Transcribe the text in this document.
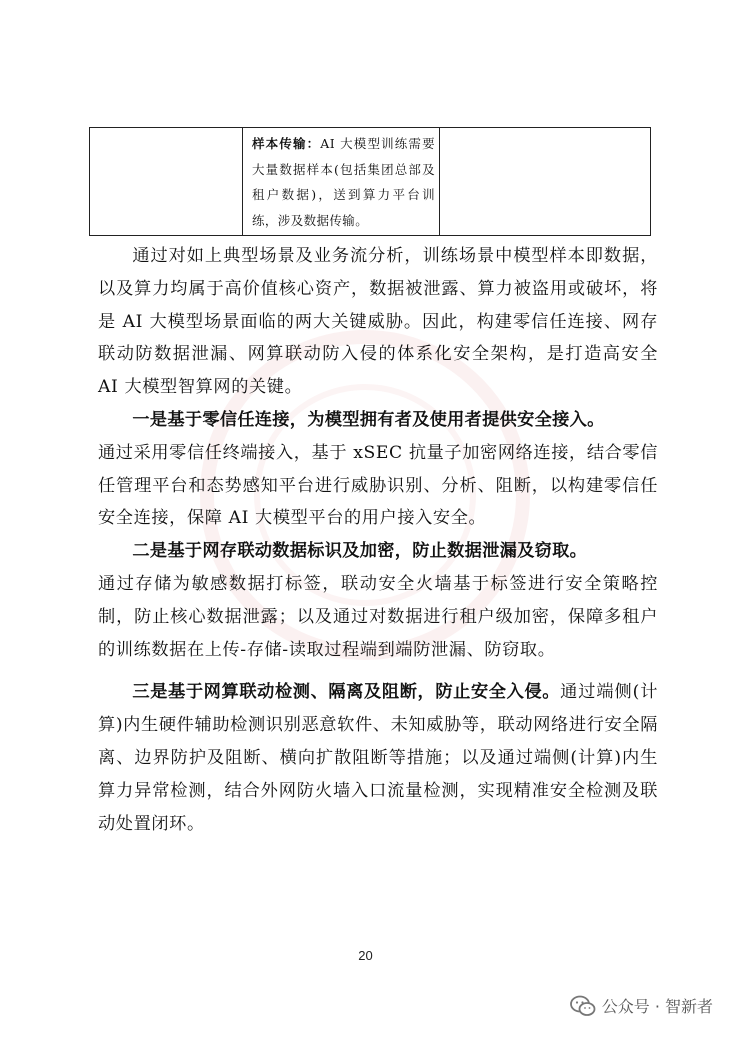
样本传输：AI 大模型训练需要大量数据样本(包括集团总部及租户数据)，送到算力平台训练，涉及数据传输。

通过对如上典型场景及业务流分析，训练场景中模型样本即数据，以及算力均属于高价值核心资产，数据被泄露、算力被盗用或破坏，将是 AI 大模型场景面临的两大关键威胁。因此，构建零信任连接、网存联动防数据泄漏、网算联动防入侵的体系化安全架构，是打造高安全 AI 大模型智算网的关键。

一是基于零信任连接，为模型拥有者及使用者提供安全接入。

通过采用零信任终端接入，基于 xSEC 抗量子加密网络连接，结合零信任管理平台和态势感知平台进行威胁识别、分析、阻断，以构建零信任安全连接，保障 AI 大模型平台的用户接入安全。

二是基于网存联动数据标识及加密，防止数据泄漏及窃取。

通过存储为敏感数据打标签，联动安全火墙基于标签进行安全策略控制，防止核心数据泄露；以及通过对数据进行租户级加密，保障多租户的训练数据在上传-存储-读取过程端到端防泄漏、防窃取。

三是基于网算联动检测、隔离及阻断，防止安全入侵。通过端侧(计算)内生硬件辅助检测识别恶意软件、未知威胁等，联动网络进行安全隔离、边界防护及阻断、横向扩散阻断等措施；以及通过端侧(计算)内生算力异常检测，结合外网防火墙入口流量检测，实现精准安全检测及联动处置闭环。

20
公众号 · 智新者
